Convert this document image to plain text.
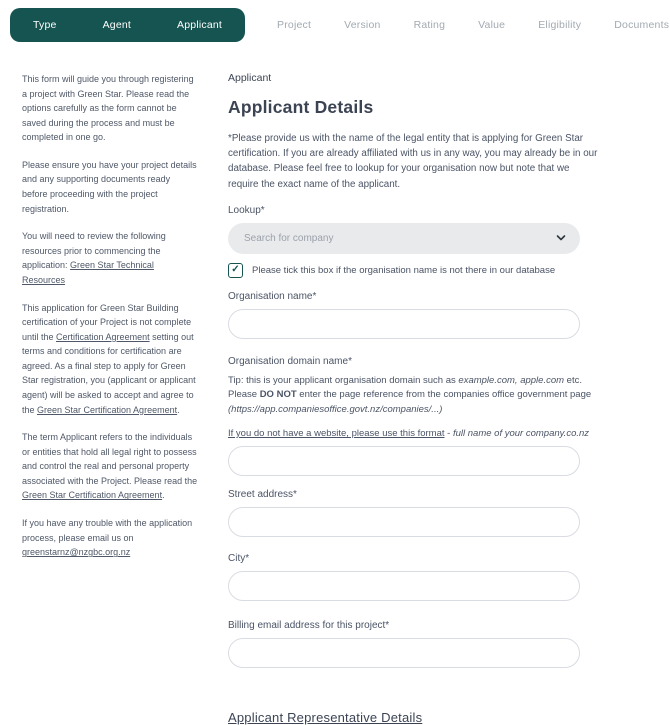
Type	Agent	Applicant	Project	Version	Rating	Value	Eligibility	Documents

This form will guide you through registering a project with Green Star. Please read the options carefully as the form cannot be saved during the process and must be completed in one go.

Please ensure you have your project details and any supporting documents ready before proceeding with the project registration.

You will need to review the following resources prior to commencing the application: Green Star Technical Resources

This application for Green Star Building certification of your Project is not complete until the Certification Agreement setting out terms and conditions for certification are agreed. As a final step to apply for Green Star registration, you (applicant or applicant agent) will be asked to accept and agree to the Green Star Certification Agreement.

The term Applicant refers to the individuals or entities that hold all legal right to possess and control the real and personal property associated with the Project. Please read the Green Star Certification Agreement.

If you have any trouble with the application process, please email us on greenstarnz@nzgbc.org.nz

Applicant
Applicant Details
*Please provide us with the name of the legal entity that is applying for Green Star certification. If you are already affiliated with us in any way, you may already be in our database. Please feel free to lookup for your organisation now but note that we require the exact name of the applicant.
Lookup*
Search for company
✓	Please tick this box if the organisation name is not there in our database
Organisation name*
Organisation domain name*
Tip: this is your applicant organisation domain such as example.com, apple.com etc.
Please DO NOT enter the page reference from the companies office government page
(https://app.companiesoffice.govt.nz/companies/...)
If you do not have a website, please use this format - full name of your company.co.nz
Street address*
City*
Billing email address for this project*
Applicant Representative Details
